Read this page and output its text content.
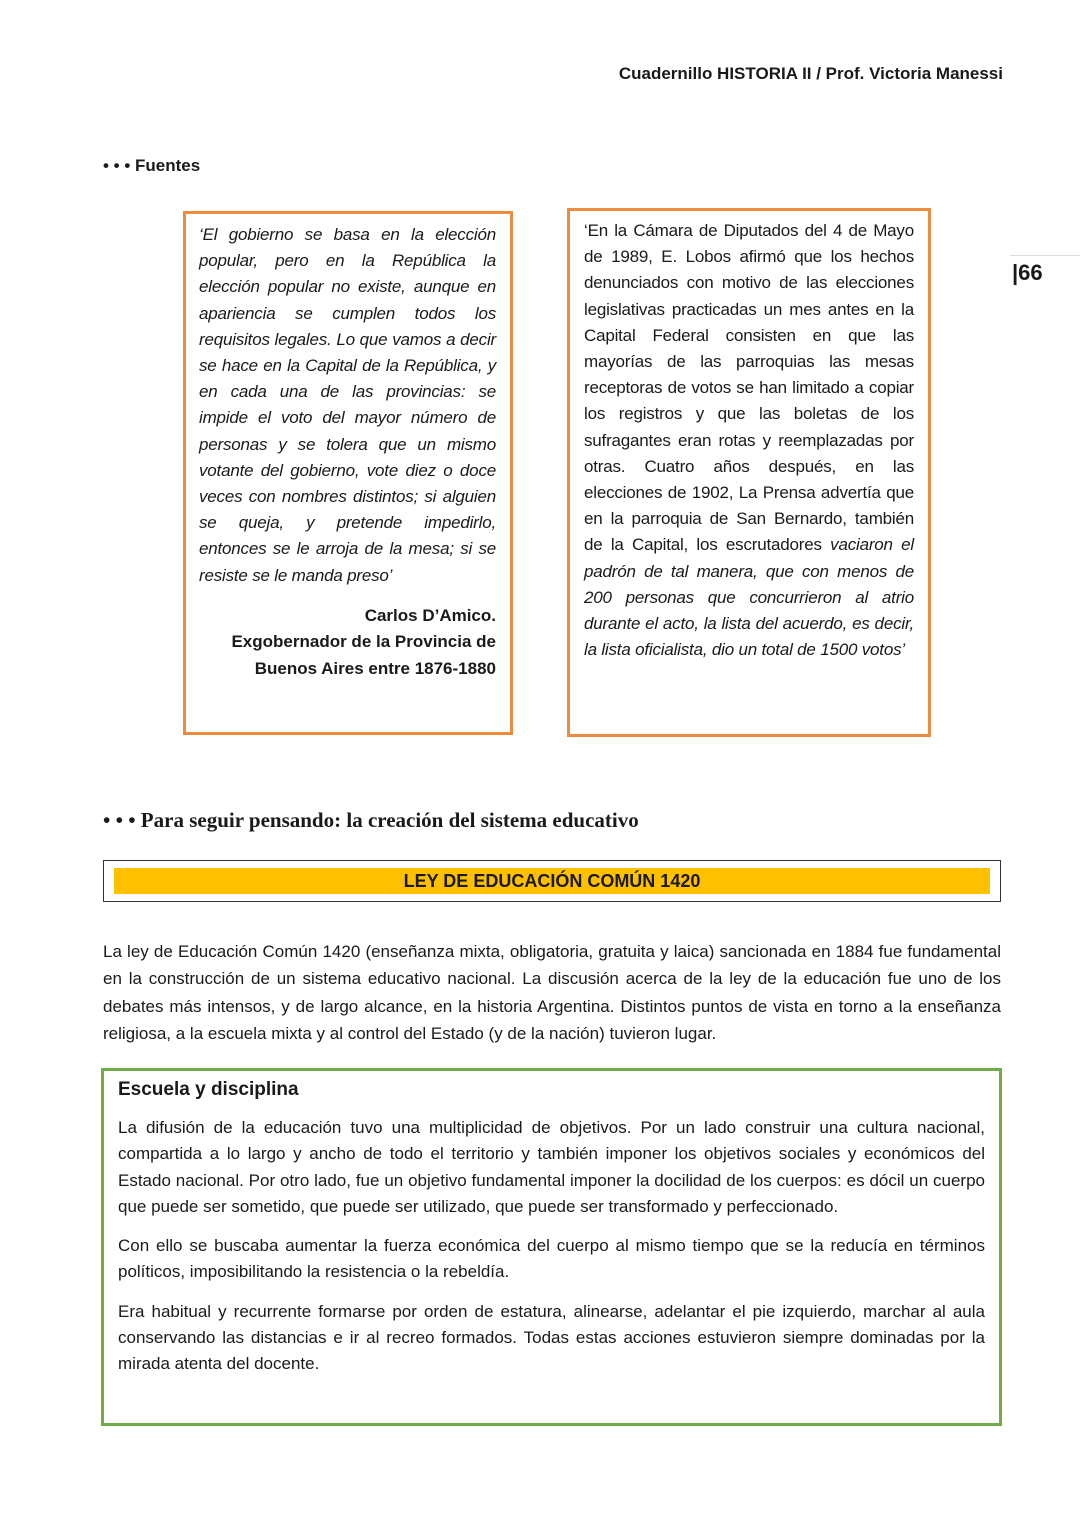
Cuadernillo HISTORIA II / Prof. Victoria Manessi
|66
• • • Fuentes

‘El gobierno se basa en la elección popular, pero en la República la elección popular no existe, aunque en apariencia se cumplen todos los requisitos legales. Lo que vamos a decir se hace en la Capital de la República, y en cada una de las provincias: se impide el voto del mayor número de personas y se tolera que un mismo votante del gobierno, vote diez o doce veces con nombres distintos; si alguien se queja, y pretende impedirlo, entonces se le arroja de la mesa; si se resiste se le manda preso’

Carlos D’Amico.
Exgobernador de la Provincia de
Buenos Aires entre 1876-1880

‘En la Cámara de Diputados del 4 de Mayo de 1989, E. Lobos afirmó que los hechos denunciados con motivo de las elecciones legislativas practicadas un mes antes en la Capital Federal consisten en que las mayorías de las parroquias las mesas receptoras de votos se han limitado a copiar los registros y que las boletas de los sufragantes eran rotas y reemplazadas por otras. Cuatro años después, en las elecciones de 1902, La Prensa advertía que en la parroquia de San Bernardo, también de la Capital, los escrutadores vaciaron el padrón de tal manera, que con menos de 200 personas que concurrieron al atrio durante el acto, la lista del acuerdo, es decir, la lista oficialista, dio un total de 1500 votos’

• • • Para seguir pensando: la creación del sistema educativo
LEY DE EDUCACIÓN COMÚN 1420

La ley de Educación Común 1420 (enseñanza mixta, obligatoria, gratuita y laica) sancionada en 1884 fue fundamental en la construcción de un sistema educativo nacional. La discusión acerca de la ley de la educación fue uno de los debates más intensos, y de largo alcance, en la historia Argentina. Distintos puntos de vista en torno a la enseñanza religiosa, a la escuela mixta y al control del Estado (y de la nación) tuvieron lugar.

Escuela y disciplina

La difusión de la educación tuvo una multiplicidad de objetivos. Por un lado construir una cultura nacional, compartida a lo largo y ancho de todo el territorio y también imponer los objetivos sociales y económicos del Estado nacional. Por otro lado, fue un objetivo fundamental imponer la docilidad de los cuerpos: es dócil un cuerpo que puede ser sometido, que puede ser utilizado, que puede ser transformado y perfeccionado.

Con ello se buscaba aumentar la fuerza económica del cuerpo al mismo tiempo que se la reducía en términos políticos, imposibilitando la resistencia o la rebeldía.

Era habitual y recurrente formarse por orden de estatura, alinearse, adelantar el pie izquierdo, marchar al aula conservando las distancias e ir al recreo formados. Todas estas acciones estuvieron siempre dominadas por la mirada atenta del docente.
